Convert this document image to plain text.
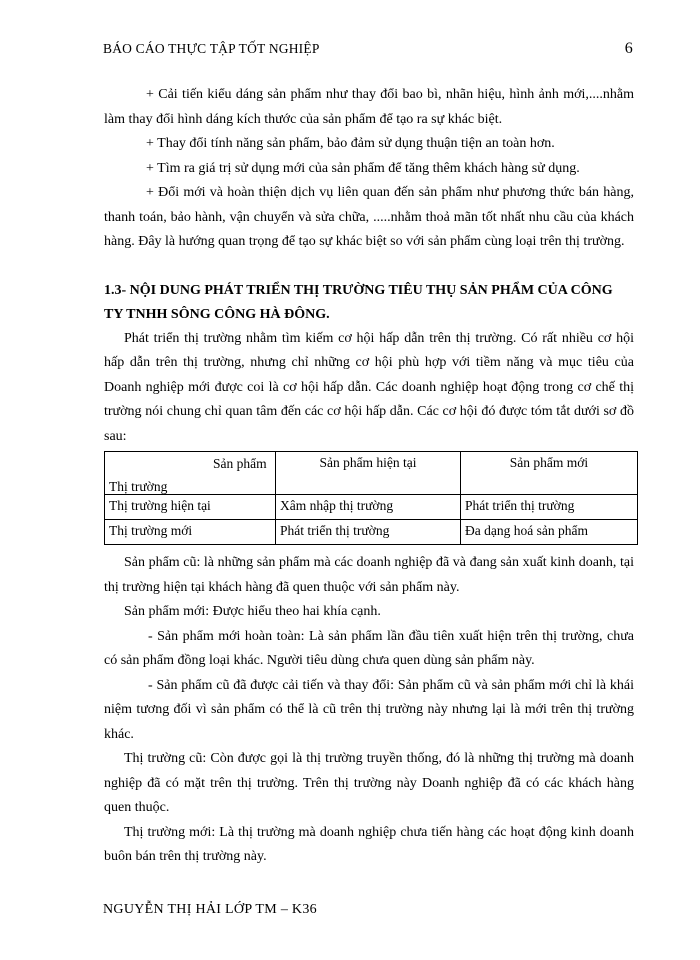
BÁO CÁO THỰC TẬP TỐT NGHIỆP	6

+ Cải tiến kiểu dáng sản phẩm như thay đổi bao bì, nhãn hiệu, hình ảnh mới,....nhằm làm thay đổi hình dáng kích thước của sản phẩm để tạo ra sự khác biệt.

+ Thay đổi tính năng sản phẩm, bảo đảm sử dụng thuận tiện an toàn hơn.

+ Tìm ra giá trị sử dụng mới của sản phẩm để tăng thêm khách hàng sử dụng.

+ Đổi mới và hoàn thiện dịch vụ liên quan đến sản phẩm như phương thức bán hàng, thanh toán, bảo hành, vận chuyển và sửa chữa, .....nhằm thoả mãn tốt nhất nhu cầu của khách hàng. Đây là hướng quan trọng để tạo sự khác biệt so với sản phẩm cùng loại trên thị trường.

1.3- NỘI DUNG PHÁT TRIỂN THỊ TRƯỜNG TIÊU THỤ SẢN PHẨM CỦA CÔNG TY TNHH SÔNG CÔNG HÀ ĐÔNG.

Phát triển thị trường nhằm tìm kiếm cơ hội hấp dẫn trên thị trường. Có rất nhiều cơ hội hấp dẫn trên thị trường, nhưng chỉ những cơ hội phù hợp với tiềm năng và mục tiêu của Doanh nghiệp mới được coi là cơ hội hấp dẫn. Các doanh nghiệp hoạt động trong cơ chế thị trường nói chung chỉ quan tâm đến các cơ hội hấp dẫn. Các cơ hội đó được tóm tắt dưới sơ đồ sau:

Sản phẩm
Thị trường	Sản phẩm hiện tại	Sản phẩm mới
Thị trường hiện tại	Xâm nhập thị trường	Phát triển thị trường
Thị trường mới	Phát triển thị trường	Đa dạng hoá sản phẩm

Sản phẩm cũ: là những sản phẩm mà các doanh nghiệp đã và đang sản xuất kinh doanh, tại thị trường hiện tại khách hàng đã quen thuộc với sản phẩm này.

Sản phẩm mới: Được hiểu theo hai khía cạnh.

- Sản phẩm mới hoàn toàn: Là sản phẩm lần đầu tiên xuất hiện trên thị trường, chưa có sản phẩm đồng loại khác. Người tiêu dùng chưa quen dùng sản phẩm này.

- Sản phẩm cũ đã được cải tiến và thay đổi: Sản phẩm cũ và sản phẩm mới chỉ là khái niệm tương đối vì sản phẩm có thể là cũ trên thị trường này nhưng lại là mới trên thị trường khác.

Thị trường cũ: Còn được gọi là thị trường truyền thống, đó là những thị trường mà doanh nghiệp đã có mặt trên thị trường. Trên thị trường này Doanh nghiệp đã có các khách hàng quen thuộc.

Thị trường mới: Là thị trường mà doanh nghiệp chưa tiến hàng các hoạt động kinh doanh buôn bán trên thị trường này.

NGUYỄN THỊ HẢI LỚP TM – K36
